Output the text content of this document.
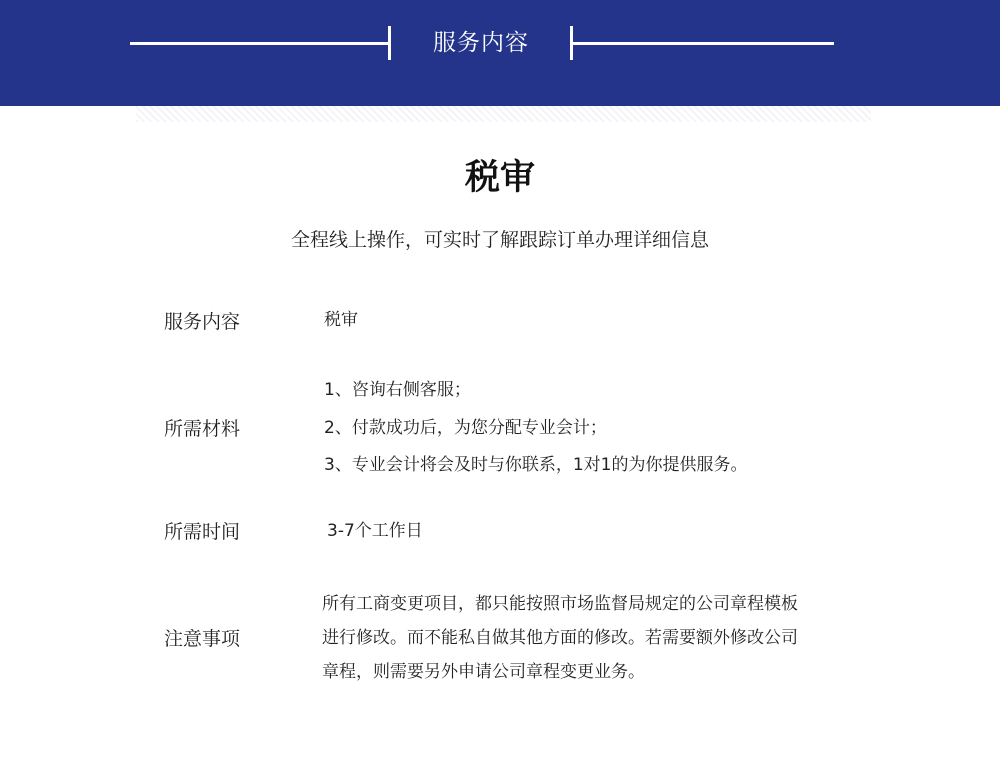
服务内容
税审
全程线上操作，可实时了解跟踪订单办理详细信息
服务内容	税审
所需材料
1、咨询右侧客服；
2、付款成功后，为您分配专业会计；
3、专业会计将会及时与你联系，1对1的为你提供服务。
所需时间	3-7个工作日
注意事项
所有工商变更项目，都只能按照市场监督局规定的公司章程模板进行修改。而不能私自做其他方面的修改。若需要额外修改公司章程，则需要另外申请公司章程变更业务。
